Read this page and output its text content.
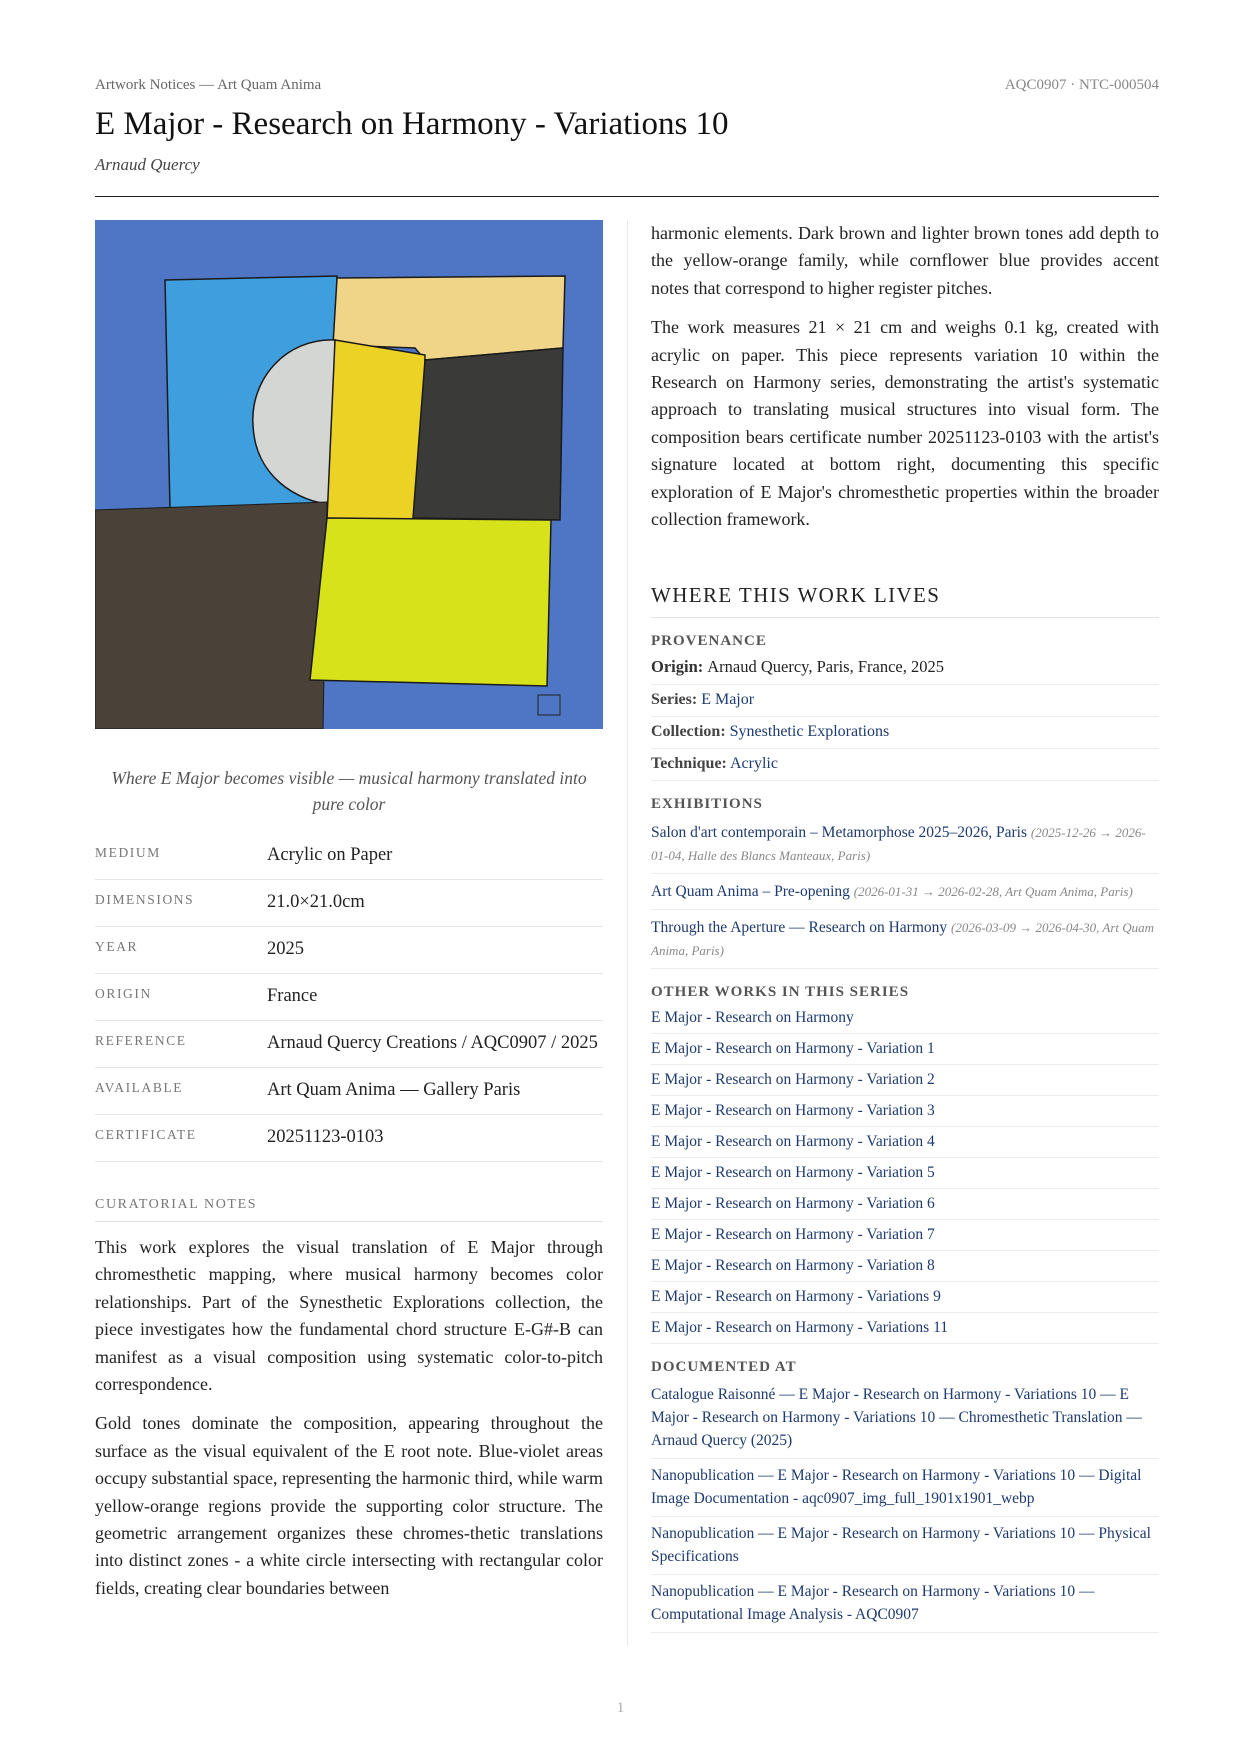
Artwork Notices — Art Quam Anima	AQC0907 · NTC-000504
E Major - Research on Harmony - Variations 10
Arnaud Quercy
Where E Major becomes visible — musical harmony translated into pure color
MEDIUM	Acrylic on Paper
DIMENSIONS	21.0×21.0cm
YEAR	2025
ORIGIN	France
REFERENCE	Arnaud Quercy Creations / AQC0907 / 2025
AVAILABLE	Art Quam Anima — Gallery Paris
CERTIFICATE	20251123-0103
CURATORIAL NOTES

This work explores the visual translation of E Major through chromesthetic mapping, where musical harmony becomes color relationships. Part of the Synesthetic Explorations collection, the piece investigates how the fundamental chord structure E-G#-B can manifest as a visual composition using systematic color-to-pitch correspondence.

Gold tones dominate the composition, appearing throughout the surface as the visual equivalent of the E root note. Blue-violet areas occupy substantial space, representing the harmonic third, while warm yellow-orange regions provide the supporting color structure. The geometric arrangement organizes these chromes-thetic translations into distinct zones - a white circle intersecting with rectangular color fields, creating clear boundaries between

harmonic elements. Dark brown and lighter brown tones add depth to the yellow-orange family, while cornflower blue provides accent notes that correspond to higher register pitches.

The work measures 21 × 21 cm and weighs 0.1 kg, created with acrylic on paper. This piece represents variation 10 within the Research on Harmony series, demonstrating the artist's systematic approach to translating musical structures into visual form. The composition bears certificate number 20251123-0103 with the artist's signature located at bottom right, documenting this specific exploration of E Major's chromesthetic properties within the broader collection framework.

WHERE THIS WORK LIVES
PROVENANCE
Origin: Arnaud Quercy, Paris, France, 2025
Series: E Major
Collection: Synesthetic Explorations
Technique: Acrylic
EXHIBITIONS
Salon d'art contemporain – Metamorphose 2025–2026, Paris (2025-12-26 → 2026-01-04, Halle des Blancs Manteaux, Paris)
Art Quam Anima – Pre-opening (2026-01-31 → 2026-02-28, Art Quam Anima, Paris)
Through the Aperture — Research on Harmony (2026-03-09 → 2026-04-30, Art Quam Anima, Paris)
OTHER WORKS IN THIS SERIES
E Major - Research on Harmony
E Major - Research on Harmony - Variation 1
E Major - Research on Harmony - Variation 2
E Major - Research on Harmony - Variation 3
E Major - Research on Harmony - Variation 4
E Major - Research on Harmony - Variation 5
E Major - Research on Harmony - Variation 6
E Major - Research on Harmony - Variation 7
E Major - Research on Harmony - Variation 8
E Major - Research on Harmony - Variations 9
E Major - Research on Harmony - Variations 11
DOCUMENTED AT
Catalogue Raisonné — E Major - Research on Harmony - Variations 10 — E Major - Research on Harmony - Variations 10 — Chromesthetic Translation — Arnaud Quercy (2025)
Nanopublication — E Major - Research on Harmony - Variations 10 — Digital Image Documentation - aqc0907_img_full_1901x1901_webp
Nanopublication — E Major - Research on Harmony - Variations 10 — Physical Specifications
Nanopublication — E Major - Research on Harmony - Variations 10 — Computational Image Analysis - AQC0907
1
